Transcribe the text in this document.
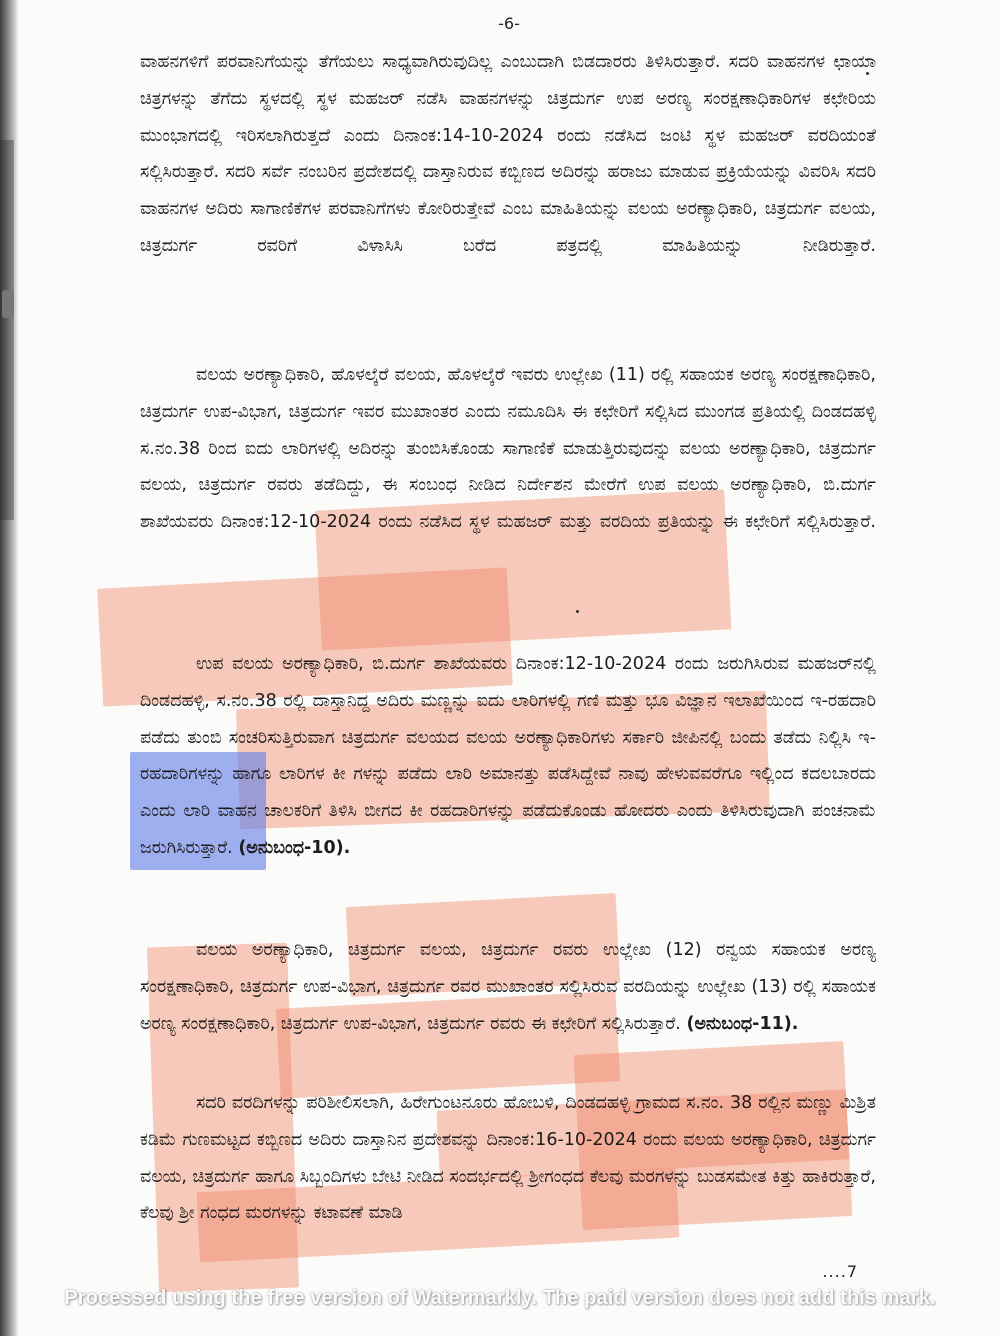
-6-

ವಾಹನಗಳಿಗೆ ಪರವಾನಿಗೆಯನ್ನು ತೆಗೆಯಲು ಸಾಧ್ಯವಾಗಿರುವುದಿಲ್ಲ ಎಂಬುದಾಗಿ ಬಿಡದಾರರು ತಿಳಿಸಿರುತ್ತಾರೆ. ಸದರಿ ವಾಹನಗಳ ಛಾಯಾ ಚಿತ್ರಗಳನ್ನು ತೆಗೆದು ಸ್ಥಳದಲ್ಲಿ ಸ್ಥಳ ಮಹಜರ್ ನಡೆಸಿ ವಾಹನಗಳನ್ನು ಚಿತ್ರದುರ್ಗ ಉಪ ಅರಣ್ಯ ಸಂರಕ್ಷಣಾಧಿಕಾರಿಗಳ ಕಛೇರಿಯ ಮುಂಭಾಗದಲ್ಲಿ ಇರಿಸಲಾಗಿರುತ್ತದೆ ಎಂದು ದಿನಾಂಕ:14-10-2024 ರಂದು ನಡೆಸಿದ ಜಂಟಿ ಸ್ಥಳ ಮಹಜರ್ ವರದಿಯಂತೆ ಸಲ್ಲಿಸಿರುತ್ತಾರೆ. ಸದರಿ ಸರ್ವೆ ನಂಬರಿನ ಪ್ರದೇಶದಲ್ಲಿ ದಾಸ್ತಾನಿರುವ ಕಬ್ಬಿಣದ ಅದಿರನ್ನು ಹರಾಜು ಮಾಡುವ ಪ್ರಕ್ರಿಯೆಯನ್ನು ವಿವರಿಸಿ ಸದರಿ ವಾಹನಗಳ ಅದಿರು ಸಾಗಾಣಿಕೆಗಳ ಪರವಾನಿಗೆಗಳು ಕೋರಿರುತ್ತೇವೆ ಎಂಬ ಮಾಹಿತಿಯನ್ನು ವಲಯ ಅರಣ್ಯಾಧಿಕಾರಿ, ಚಿತ್ರದುರ್ಗ ವಲಯ, ಚಿತ್ರದುರ್ಗ ರವರಿಗೆ ವಿಳಾಸಿಸಿ ಬರೆದ ಪತ್ರದಲ್ಲಿ ಮಾಹಿತಿಯನ್ನು ನೀಡಿರುತ್ತಾರೆ.

ವಲಯ ಅರಣ್ಯಾಧಿಕಾರಿ, ಹೊಳಲ್ಕೆರೆ ವಲಯ, ಹೊಳಲ್ಕೆರೆ ಇವರು ಉಲ್ಲೇಖ (11) ರಲ್ಲಿ ಸಹಾಯಕ ಅರಣ್ಯ ಸಂರಕ್ಷಣಾಧಿಕಾರಿ, ಚಿತ್ರದುರ್ಗ ಉಪ-ವಿಭಾಗ, ಚಿತ್ರದುರ್ಗ ಇವರ ಮುಖಾಂತರ ಎಂದು ನಮೂದಿಸಿ ಈ ಕಛೇರಿಗೆ ಸಲ್ಲಿಸಿದ ಮುಂಗಡ ಪ್ರತಿಯಲ್ಲಿ ದಿಂಡದಹಳ್ಳಿ ಸ.ನಂ.38 ರಿಂದ ಐದು ಲಾರಿಗಳಲ್ಲಿ ಅದಿರನ್ನು ತುಂಬಿಸಿಕೊಂಡು ಸಾಗಾಣಿಕೆ ಮಾಡುತ್ತಿರುವುದನ್ನು ವಲಯ ಅರಣ್ಯಾಧಿಕಾರಿ, ಚಿತ್ರದುರ್ಗ ವಲಯ, ಚಿತ್ರದುರ್ಗ ರವರು ತಡೆದಿದ್ದು, ಈ ಸಂಬಂಧ ನೀಡಿದ ನಿರ್ದೇಶನ ಮೇರೆಗೆ ಉಪ ವಲಯ ಅರಣ್ಯಾಧಿಕಾರಿ, ಬಿ.ದುರ್ಗ ಶಾಖೆಯವರು ದಿನಾಂಕ:12-10-2024 ರಂದು ನಡೆಸಿದ ಸ್ಥಳ ಮಹಜರ್ ಮತ್ತು ವರದಿಯ ಪ್ರತಿಯನ್ನು ಈ ಕಛೇರಿಗೆ ಸಲ್ಲಿಸಿರುತ್ತಾರೆ.

ಉಪ ವಲಯ ಅರಣ್ಯಾಧಿಕಾರಿ, ಬಿ.ದುರ್ಗ ಶಾಖೆಯವರು ದಿನಾಂಕ:12-10-2024 ರಂದು ಜರುಗಿಸಿರುವ ಮಹಜರ್‌ನಲ್ಲಿ ದಿಂಡದಹಳ್ಳಿ, ಸ.ನಂ.38 ರಲ್ಲಿ ದಾಸ್ತಾನಿದ್ದ ಅದಿರು ಮಣ್ಣನ್ನು ಐದು ಲಾರಿಗಳಲ್ಲಿ ಗಣಿ ಮತ್ತು ಭೂ ವಿಜ್ಞಾನ ಇಲಾಖೆಯಿಂದ ಇ-ರಹದಾರಿ ಪಡೆದು ತುಂಬಿ ಸಂಚರಿಸುತ್ತಿರುವಾಗ ಚಿತ್ರದುರ್ಗ ವಲಯದ ವಲಯ ಅರಣ್ಯಾಧಿಕಾರಿಗಳು ಸರ್ಕಾರಿ ಜೀಪಿನಲ್ಲಿ ಬಂದು ತಡೆದು ನಿಲ್ಲಿಸಿ ಇ-ರಹದಾರಿಗಳನ್ನು ಹಾಗೂ ಲಾರಿಗಳ ಕೀ ಗಳನ್ನು ಪಡೆದು ಲಾರಿ ಅಮಾನತ್ತು ಪಡೆಸಿದ್ದೇವೆ ನಾವು ಹೇಳುವವರೆಗೂ ಇಲ್ಲಿಂದ ಕದಲಬಾರದು ಎಂದು ಲಾರಿ ವಾಹನ ಚಾಲಕರಿಗೆ ತಿಳಿಸಿ ಬೀಗದ ಕೀ ರಹದಾರಿಗಳನ್ನು ಪಡೆದುಕೊಂಡು ಹೋದರು ಎಂದು ತಿಳಿಸಿರುವುದಾಗಿ ಪಂಚನಾಮೆ ಜರುಗಿಸಿರುತ್ತಾರೆ. (ಅನುಬಂಧ-10).

ವಲಯ ಅರಣ್ಯಾಧಿಕಾರಿ, ಚಿತ್ರದುರ್ಗ ವಲಯ, ಚಿತ್ರದುರ್ಗ ರವರು ಉಲ್ಲೇಖ (12) ರನ್ವಯ ಸಹಾಯಕ ಅರಣ್ಯ ಸಂರಕ್ಷಣಾಧಿಕಾರಿ, ಚಿತ್ರದುರ್ಗ ಉಪ-ವಿಭಾಗ, ಚಿತ್ರದುರ್ಗ ರವರ ಮುಖಾಂತರ ಸಲ್ಲಿಸಿರುವ ವರದಿಯನ್ನು ಉಲ್ಲೇಖ (13) ರಲ್ಲಿ ಸಹಾಯಕ ಅರಣ್ಯ ಸಂರಕ್ಷಣಾಧಿಕಾರಿ, ಚಿತ್ರದುರ್ಗ ಉಪ-ವಿಭಾಗ, ಚಿತ್ರದುರ್ಗ ರವರು ಈ ಕಛೇರಿಗೆ ಸಲ್ಲಿಸಿರುತ್ತಾರೆ. (ಅನುಬಂಧ-11).

ಸದರಿ ವರದಿಗಳನ್ನು ಪರಿಶೀಲಿಸಲಾಗಿ, ಹಿರೇಗುಂಟನೂರು ಹೋಬಳಿ, ದಿಂಡದಹಳ್ಳಿ ಗ್ರಾಮದ ಸ.ನಂ. 38 ರಲ್ಲಿನ ಮಣ್ಣು ಮಿಶ್ರಿತ ಕಡಿಮೆ ಗುಣಮಟ್ಟದ ಕಬ್ಬಿಣದ ಅದಿರು ದಾಸ್ತಾನಿನ ಪ್ರದೇಶವನ್ನು ದಿನಾಂಕ:16-10-2024 ರಂದು ವಲಯ ಅರಣ್ಯಾಧಿಕಾರಿ, ಚಿತ್ರದುರ್ಗ ವಲಯ, ಚಿತ್ರದುರ್ಗ ಹಾಗೂ ಸಿಬ್ಬಂದಿಗಳು ಬೇಟಿ ನೀಡಿದ ಸಂದರ್ಭದಲ್ಲಿ ಶ್ರೀಗಂಧದ ಕೆಲವು ಮರಗಳನ್ನು ಬುಡಸಮೇತ ಕಿತ್ತು ಹಾಕಿರುತ್ತಾರೆ, ಕೆಲವು ಶ್ರೀ ಗಂಧದ ಮರಗಳನ್ನು ಕಟಾವಣೆ ಮಾಡಿ

....7
Processed using the free version of Watermarkly. The paid version does not add this mark.
